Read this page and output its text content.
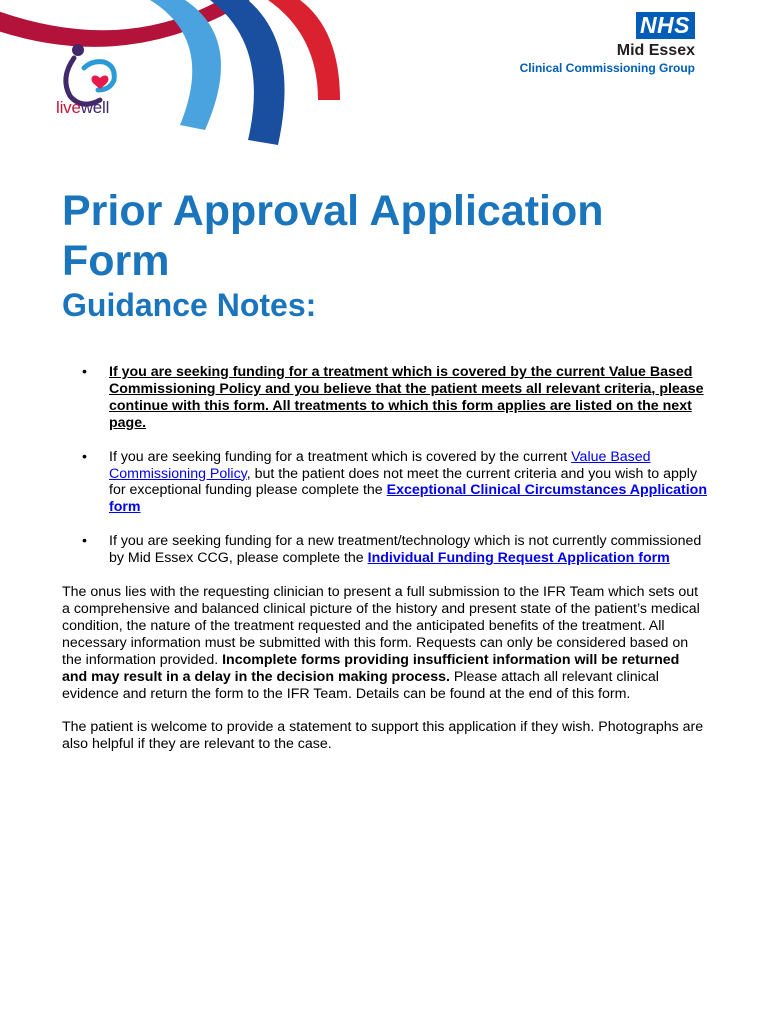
livewell
NHS
Mid Essex
Clinical Commissioning Group
Prior Approval Application Form
Guidance Notes:
• If you are seeking funding for a treatment which is covered by the current Value Based Commissioning Policy and you believe that the patient meets all relevant criteria, please continue with this form. All treatments to which this form applies are listed on the next page.
• If you are seeking funding for a treatment which is covered by the current Value Based Commissioning Policy, but the patient does not meet the current criteria and you wish to apply for exceptional funding please complete the Exceptional Clinical Circumstances Application form
• If you are seeking funding for a new treatment/technology which is not currently commissioned by Mid Essex CCG, please complete the Individual Funding Request Application form

The onus lies with the requesting clinician to present a full submission to the IFR Team which sets out a comprehensive and balanced clinical picture of the history and present state of the patient’s medical condition, the nature of the treatment requested and the anticipated benefits of the treatment. All necessary information must be submitted with this form. Requests can only be considered based on the information provided. Incomplete forms providing insufficient information will be returned and may result in a delay in the decision making process. Please attach all relevant clinical evidence and return the form to the IFR Team. Details can be found at the end of this form.

The patient is welcome to provide a statement to support this application if they wish. Photographs are also helpful if they are relevant to the case.
